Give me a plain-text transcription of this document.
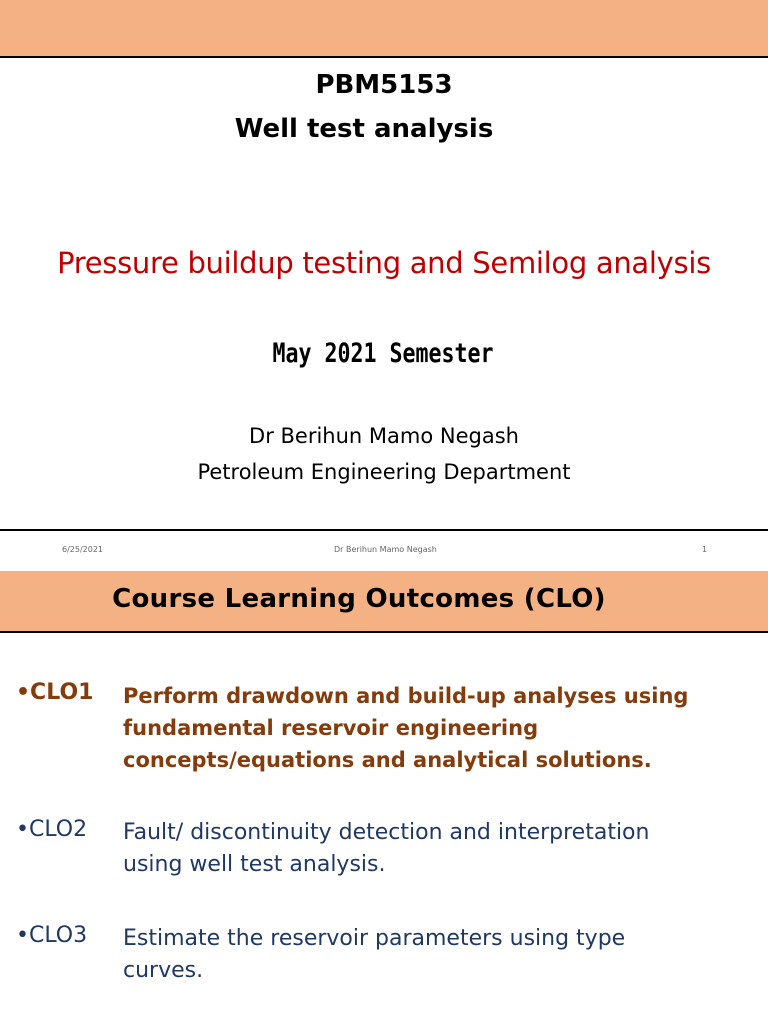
PBM5153
Well test analysis
Pressure buildup testing and Semilog analysis
May 2021 Semester
Dr Berihun Mamo Negash
Petroleum Engineering Department
6/25/2021	Dr Berihun Mamo Negash	1
Course Learning Outcomes (CLO)
•CLO1 Perform drawdown and build-up analyses using
fundamental reservoir engineering
concepts/equations and analytical solutions.
•CLO2 Fault/ discontinuity detection and interpretation
using well test analysis.
•CLO3 Estimate the reservoir parameters using type
curves.
